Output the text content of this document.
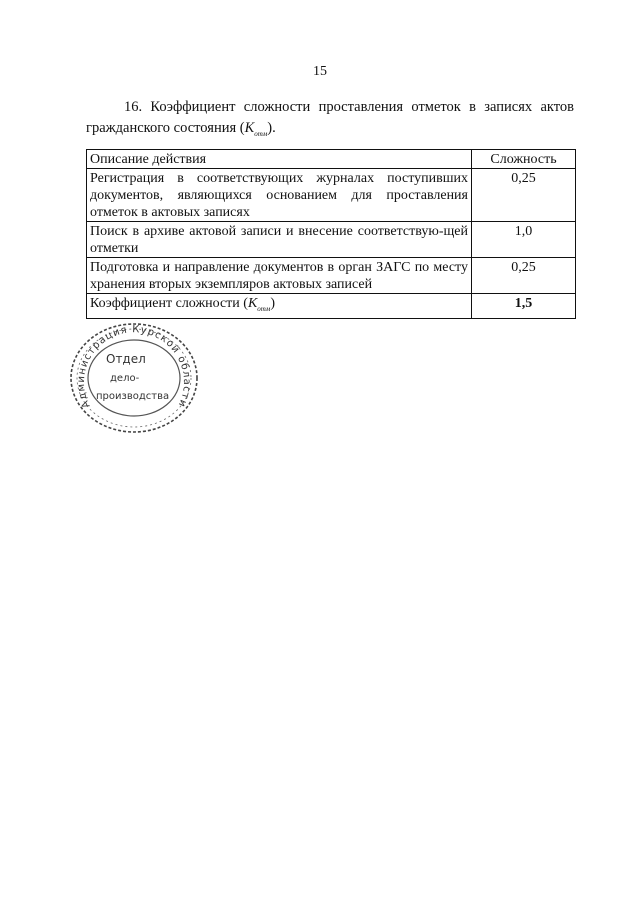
15
16. Коэффициент сложности проставления отметок в записях актов гражданского состояния $(K_{отм})$.
Описание действия	Сложность
Регистрация в соответствующих журналах поступивших документов, являющихся основанием для проставления отметок в актовых записях	0,25
Поиск в архиве актовой записи и внесение соответствую-щей отметки	1,0
Подготовка и направление документов в орган ЗАГС по месту хранения вторых экземпляров актовых записей	0,25
Коэффициент сложности $(K_{отм})$	1,5
Администрация Курской области
Отдел
дело-
производства
